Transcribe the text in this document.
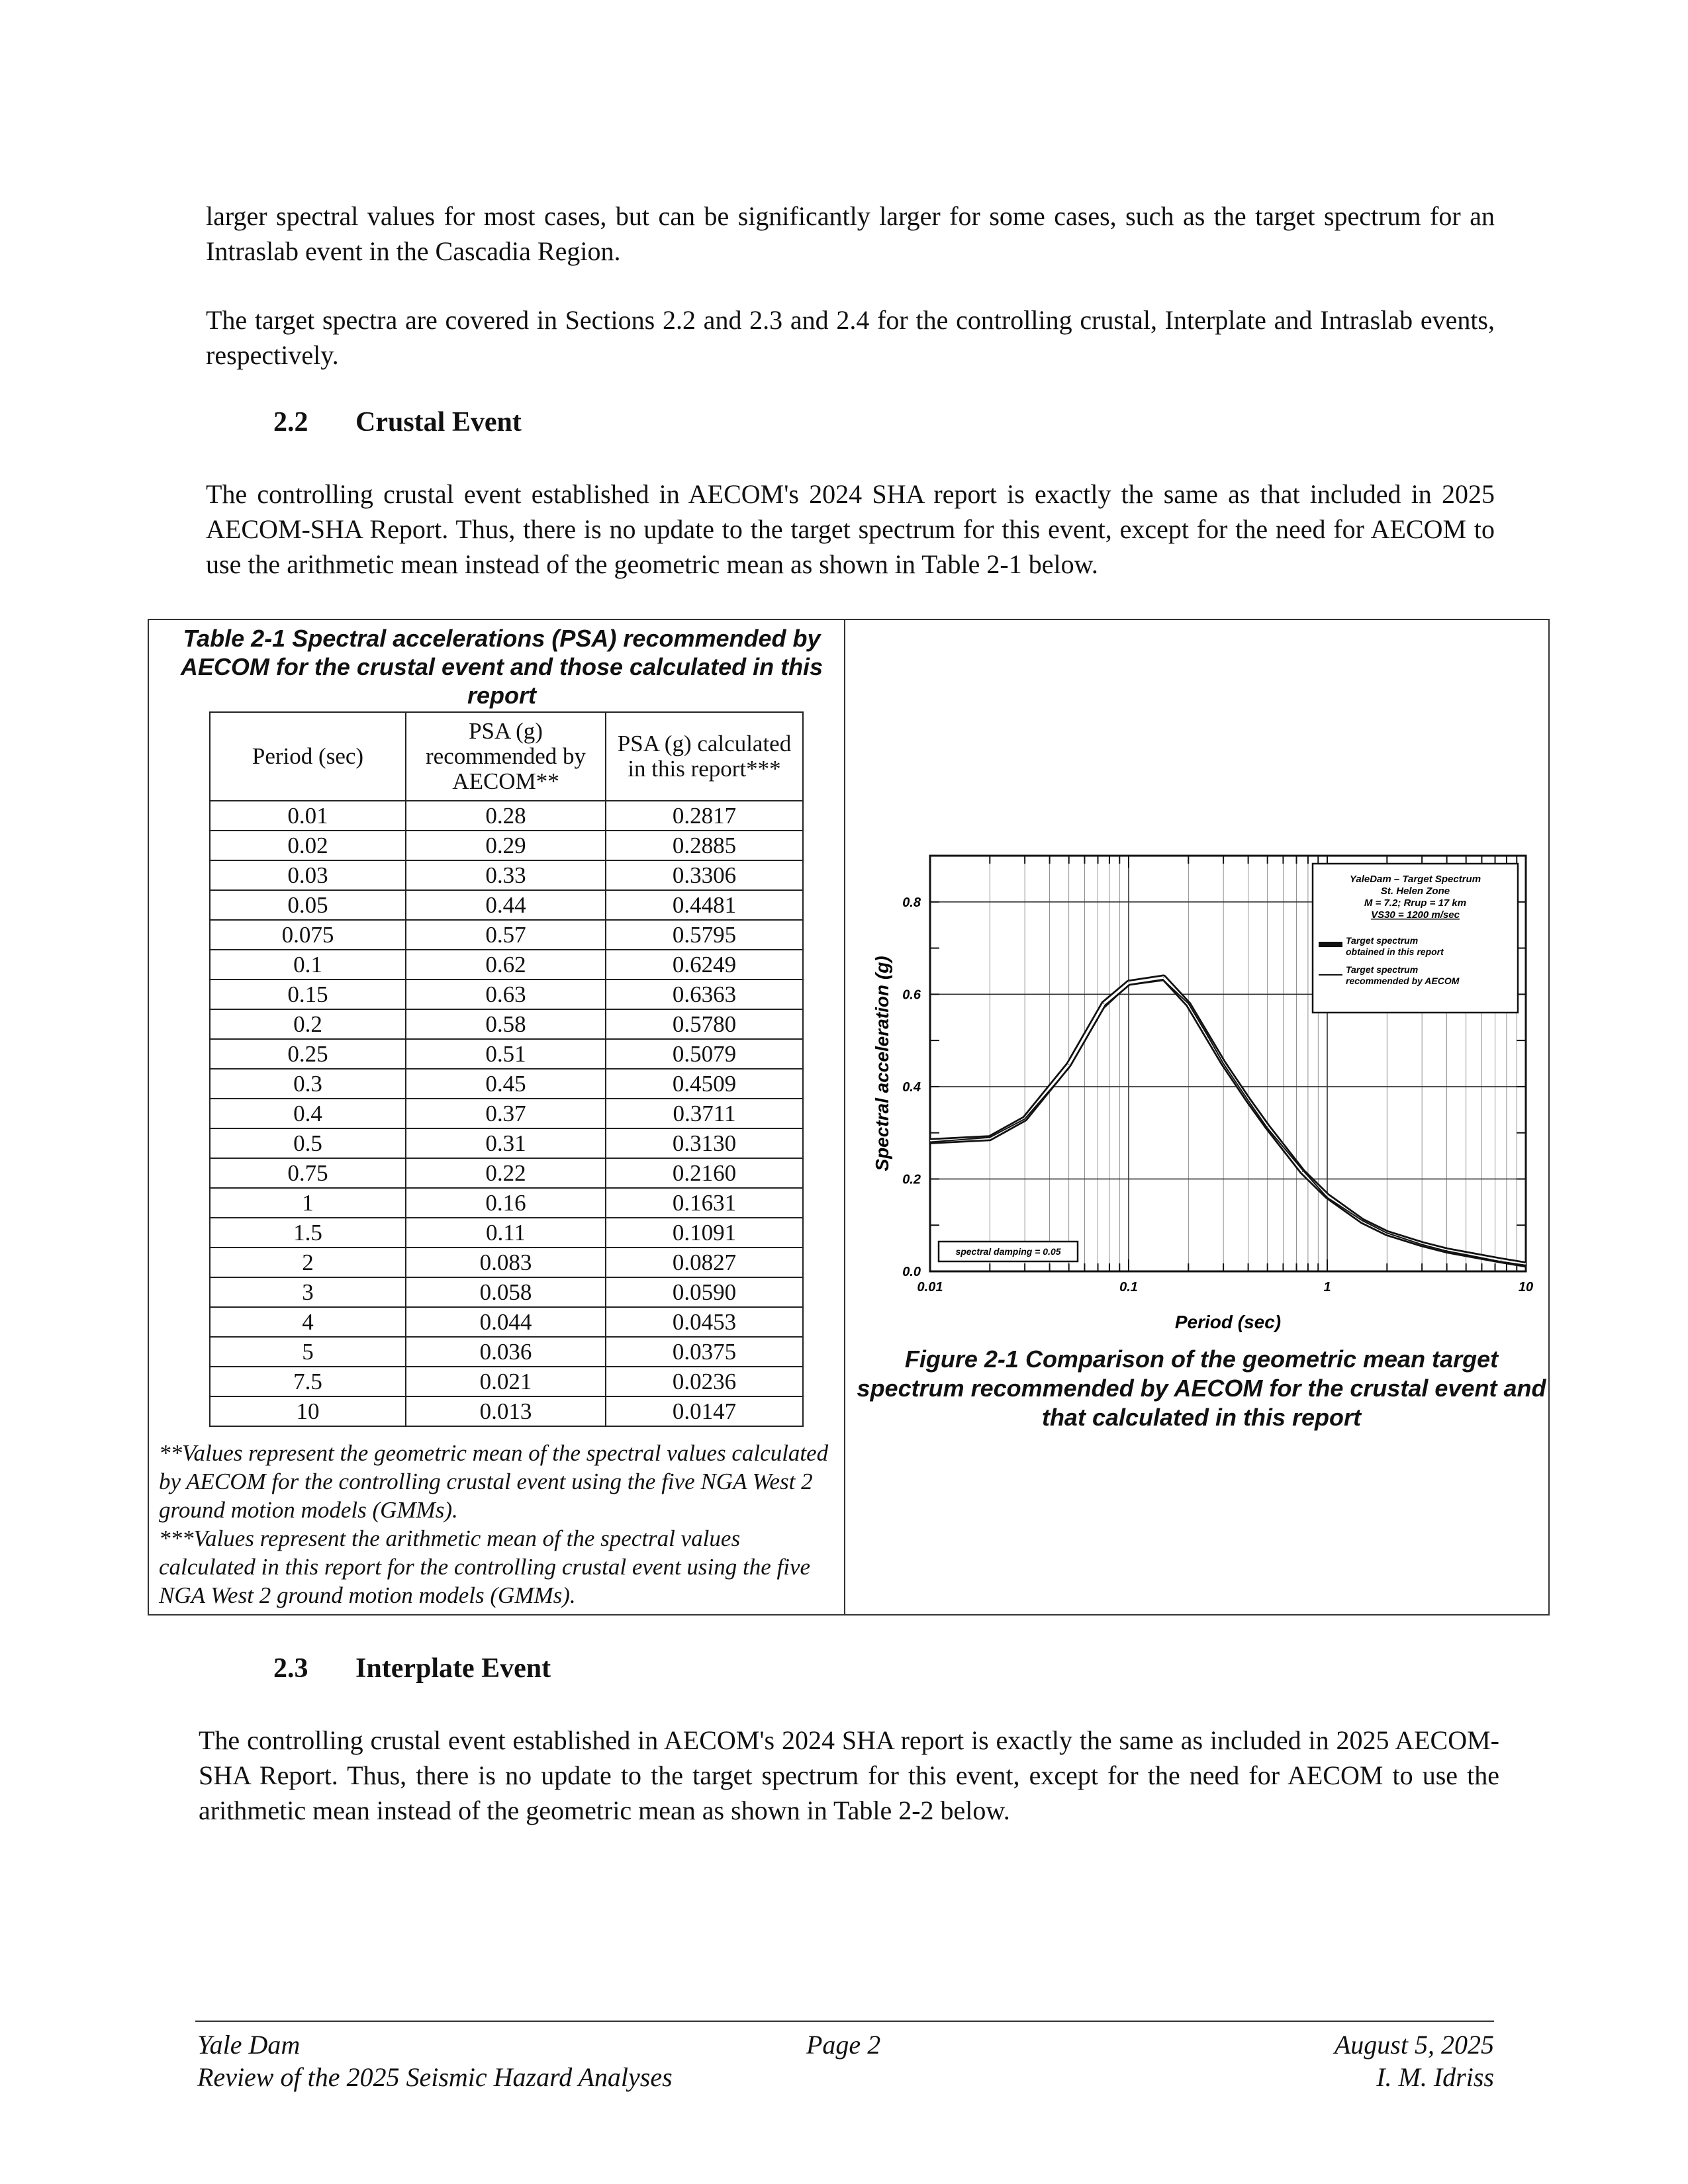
larger spectral values for most cases, but can be significantly larger for some cases, such as the target spectrum for an Intraslab event in the Cascadia Region.

The target spectra are covered in Sections 2.2 and 2.3 and 2.4 for the controlling crustal, Interplate and Intraslab events, respectively.

2.2 Crustal Event

The controlling crustal event established in AECOM's 2024 SHA report is exactly the same as that included in 2025 AECOM-SHA Report. Thus, there is no update to the target spectrum for this event, except for the need for AECOM to use the arithmetic mean instead of the geometric mean as shown in Table 2-1 below.

Table 2-1 Spectral accelerations (PSA) recommended by AECOM for the crustal event and those calculated in this report
Period (sec)	PSA (g) recommended by AECOM**	PSA (g) calculated in this report***
0.01	0.28	0.2817
0.02	0.29	0.2885
0.03	0.33	0.3306
0.05	0.44	0.4481
0.075	0.57	0.5795
0.1	0.62	0.6249
0.15	0.63	0.6363
0.2	0.58	0.5780
0.25	0.51	0.5079
0.3	0.45	0.4509
0.4	0.37	0.3711
0.5	0.31	0.3130
0.75	0.22	0.2160
1	0.16	0.1631
1.5	0.11	0.1091
2	0.083	0.0827
3	0.058	0.0590
4	0.044	0.0453
5	0.036	0.0375
7.5	0.021	0.0236
10	0.013	0.0147
**Values represent the geometric mean of the spectral values calculated by AECOM for the controlling crustal event using the five NGA West 2 ground motion models (GMMs).
***Values represent the arithmetic mean of the spectral values calculated in this report for the controlling crustal event using the five NGA West 2 ground motion models (GMMs).
0.0
0.2
0.4
0.6
0.8
0.01	0.1	1	10
YaleDam – Target Spectrum
St. Helen Zone
M = 7.2; Rrup = 17 km
VS30 = 1200 m/sec
Target spectrum obtained in this report
Target spectrum recommended by AECOM
spectral damping = 0.05
Spectral acceleration (g)
Period (sec)
Figure 2-1 Comparison of the geometric mean target spectrum recommended by AECOM for the crustal event and that calculated in this report
2.3 Interplate Event

The controlling crustal event established in AECOM's 2024 SHA report is exactly the same as included in 2025 AECOM-SHA Report. Thus, there is no update to the target spectrum for this event, except for the need for AECOM to use the arithmetic mean instead of the geometric mean as shown in Table 2-2 below.

Yale Dam
Review of the 2025 Seismic Hazard Analyses
Page 2	August 5, 2025
I. M. Idriss
